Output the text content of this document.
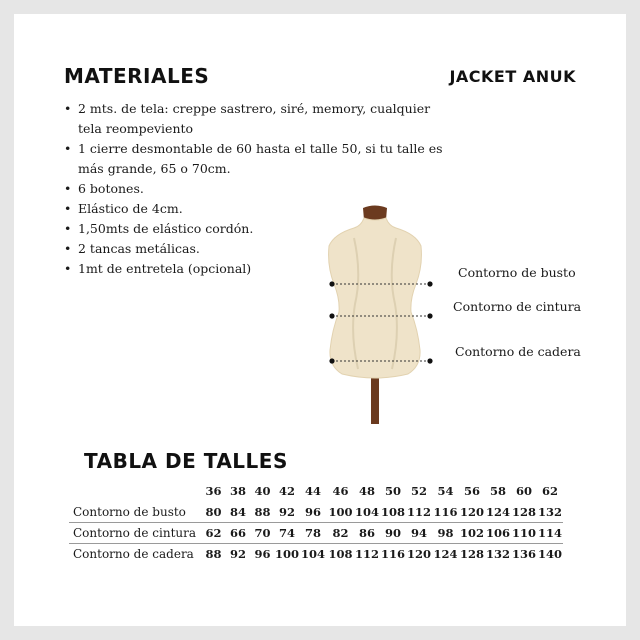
MATERIALES	JACKET ANUK
• 2 mts. de tela: creppe sastrero, siré, memory, cualquier tela reompeviento
• 1 cierre desmontable de 60 hasta el talle 50, si tu talle es más grande, 65 o 70cm.
• 6 botones.
• Elástico de 4cm.
• 1,50mts de elástico cordón.
• 2 tancas metálicas.
• 1mt de entretela (opcional)	Contorno de busto
Contorno de cintura
Contorno de cadera
TABLA DE TALLES
	36	38	40	42	44	46	48	50	52	54	56	58	60	62
Contorno de busto	80	84	88	92	96	100	104	108	112	116	120	124	128	132
Contorno de cintura	62	66	70	74	78	82	86	90	94	98	102	106	110	114
Contorno de cadera	88	92	96	100	104	108	112	116	120	124	128	132	136	140
